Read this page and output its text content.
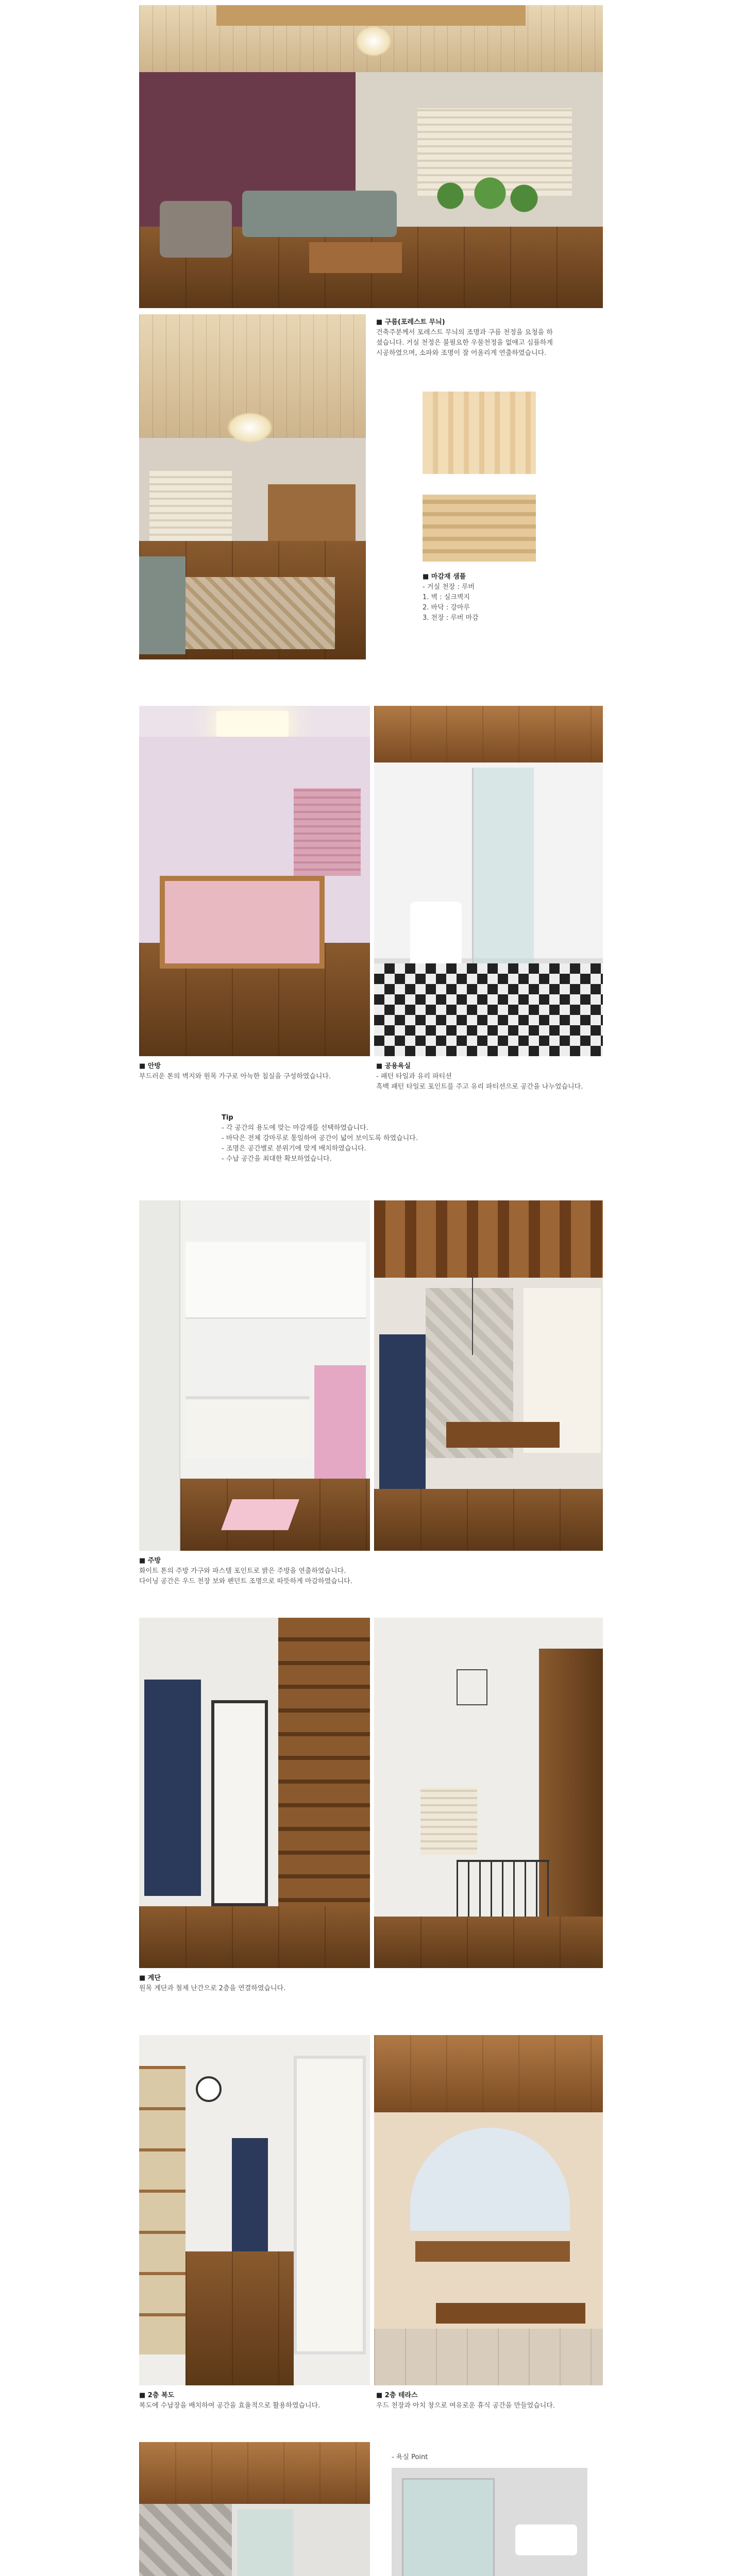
■ 구름(포레스트 무늬)
건축주분께서 포레스트 무늬의 조명과 구름 천정을 요청을 하
셨습니다. 거실 천정은 불필요한 우물천정을 없애고 심플하게
시공하였으며, 소파와 조명이 잘 어울리게 연출하였습니다.
■ 마감재 샘플
- 거실 천장 : 루버
1. 벽 : 실크벽지
2. 바닥 : 강마루
3. 천장 : 루버 마감
■ 안방
부드러운 톤의 벽지와 원목 가구로 아늑한 침실을 구성하였습니다.
■ 공용욕실
- 패턴 타일과 유리 파티션
흑백 패턴 타일로 포인트를 주고 유리 파티션으로 공간을 나누었습니다.
Tip
- 각 공간의 용도에 맞는 마감재를 선택하였습니다.
- 바닥은 전체 강마루로 통일하여 공간이 넓어 보이도록 하였습니다.
- 조명은 공간별로 분위기에 맞게 배치하였습니다.
- 수납 공간을 최대한 확보하였습니다.
■ 주방
화이트 톤의 주방 가구와 파스텔 포인트로 밝은 주방을 연출하였습니다.
다이닝 공간은 우드 천장 보와 펜던트 조명으로 따뜻하게 마감하였습니다.
■ 계단
원목 계단과 철제 난간으로 2층을 연결하였습니다.
■ 2층 복도
복도에 수납장을 배치하여 공간을 효율적으로 활용하였습니다.
■ 2층 테라스
우드 천장과 아치 창으로 여유로운 휴식 공간을 만들었습니다.
- 욕실 Point
